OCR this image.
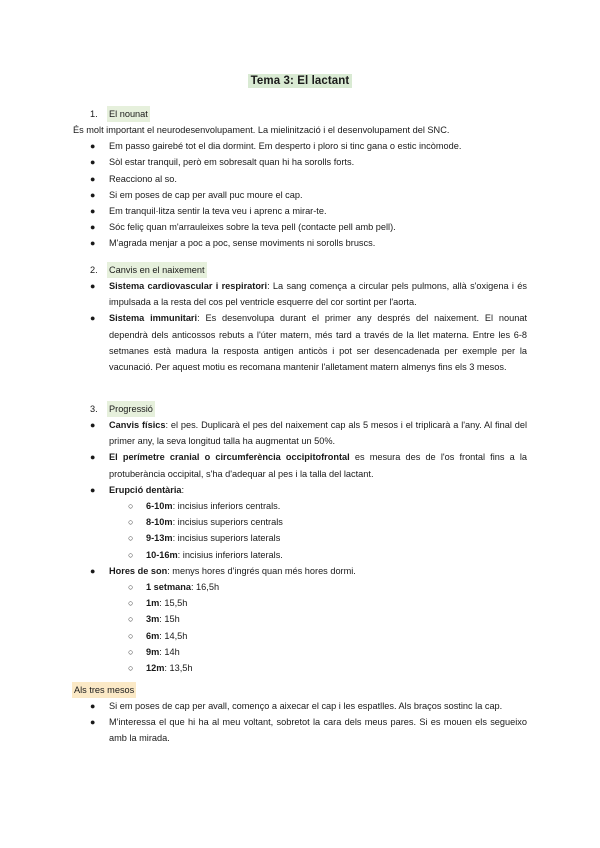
Tema 3: El lactant
1. El nounat
És molt important el neurodesenvolupament. La mielinització i el desenvolupament del SNC.
● Em passo gairebé tot el dia dormint. Em desperto i ploro si tinc gana o estic incòmode.
● Sòl estar tranquil, però em sobresalt quan hi ha sorolls forts.
● Reacciono al so.
● Si em poses de cap per avall puc moure el cap.
● Em tranquil·litza sentir la teva veu i aprenc a mirar-te.
● Sóc feliç quan m'arrauleixes sobre la teva pell (contacte pell amb pell).
● M'agrada menjar a poc a poc, sense moviments ni sorolls bruscs.
2. Canvis en el naixement
● Sistema cardiovascular i respiratori: La sang comença a circular pels pulmons, allà s'oxigena i és impulsada a la resta del cos pel ventricle esquerre del cor sortint per l'aorta.
● Sistema immunitari: Es desenvolupa durant el primer any després del naixement. El nounat dependrà dels anticossos rebuts a l'úter matern, més tard a través de la llet materna. Entre les 6-8 setmanes està madura la resposta antigen anticòs i pot ser desencadenada per exemple per la vacunació. Per aquest motiu es recomana mantenir l'alletament matern almenys fins els 3 mesos.
3. Progressió
● Canvis físics: el pes. Duplicarà el pes del naixement cap als 5 mesos i el triplicarà a l'any. Al final del primer any, la seva longitud talla ha augmentat un 50%.
● El perímetre cranial o circumferència occipitofrontal es mesura des de l'os frontal fins a la protuberància occipital, s'ha d'adequar al pes i la talla del lactant.
● Erupció dentària:
○ 6-10m: incisius inferiors centrals.
○ 8-10m: incisius superiors centrals
○ 9-13m: incisius superiors laterals
○ 10-16m: incisius inferiors laterals.
● Hores de son: menys hores d'ingrés quan més hores dormi.
○ 1 setmana: 16,5h
○ 1m: 15,5h
○ 3m: 15h
○ 6m: 14,5h
○ 9m: 14h
○ 12m: 13,5h
Als tres mesos
● Si em poses de cap per avall, començo a aixecar el cap i les espatlles. Als braços sostinc la cap.
● M'interessa el que hi ha al meu voltant, sobretot la cara dels meus pares. Si es mouen els segueixo amb la mirada.
